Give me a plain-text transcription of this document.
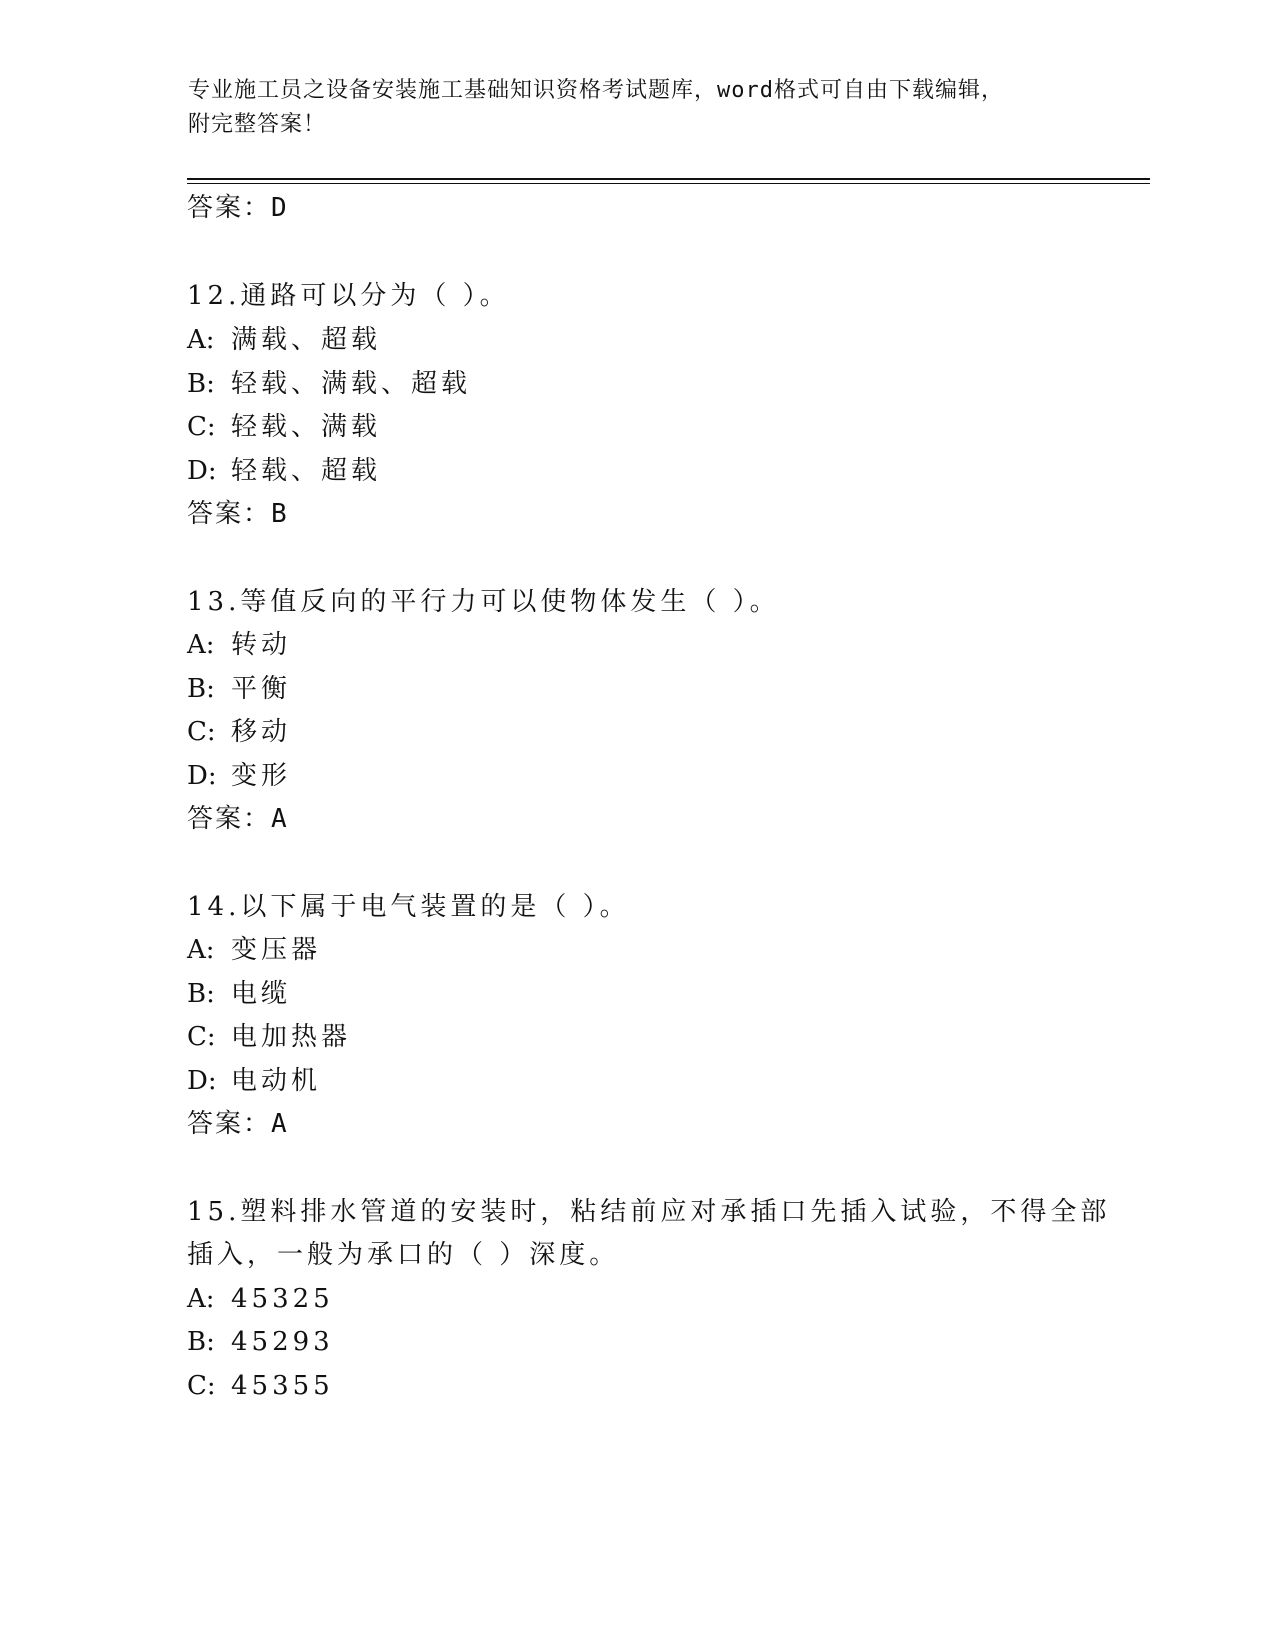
专业施工员之设备安装施工基础知识资格考试题库，word格式可自由下载编辑，
附完整答案！
答案：D
12.通路可以分为（ ）。
A: 满载、超载
B: 轻载、满载、超载
C: 轻载、满载
D: 轻载、超载
答案：B
13.等值反向的平行力可以使物体发生（ ）。
A: 转动
B: 平衡
C: 移动
D: 变形
答案：A
14.以下属于电气装置的是（ ）。
A: 变压器
B: 电缆
C: 电加热器
D: 电动机
答案：A
15.塑料排水管道的安装时，粘结前应对承插口先插入试验，不得全部
插入，一般为承口的（ ）深度。
A: 45325
B: 45293
C: 45355
